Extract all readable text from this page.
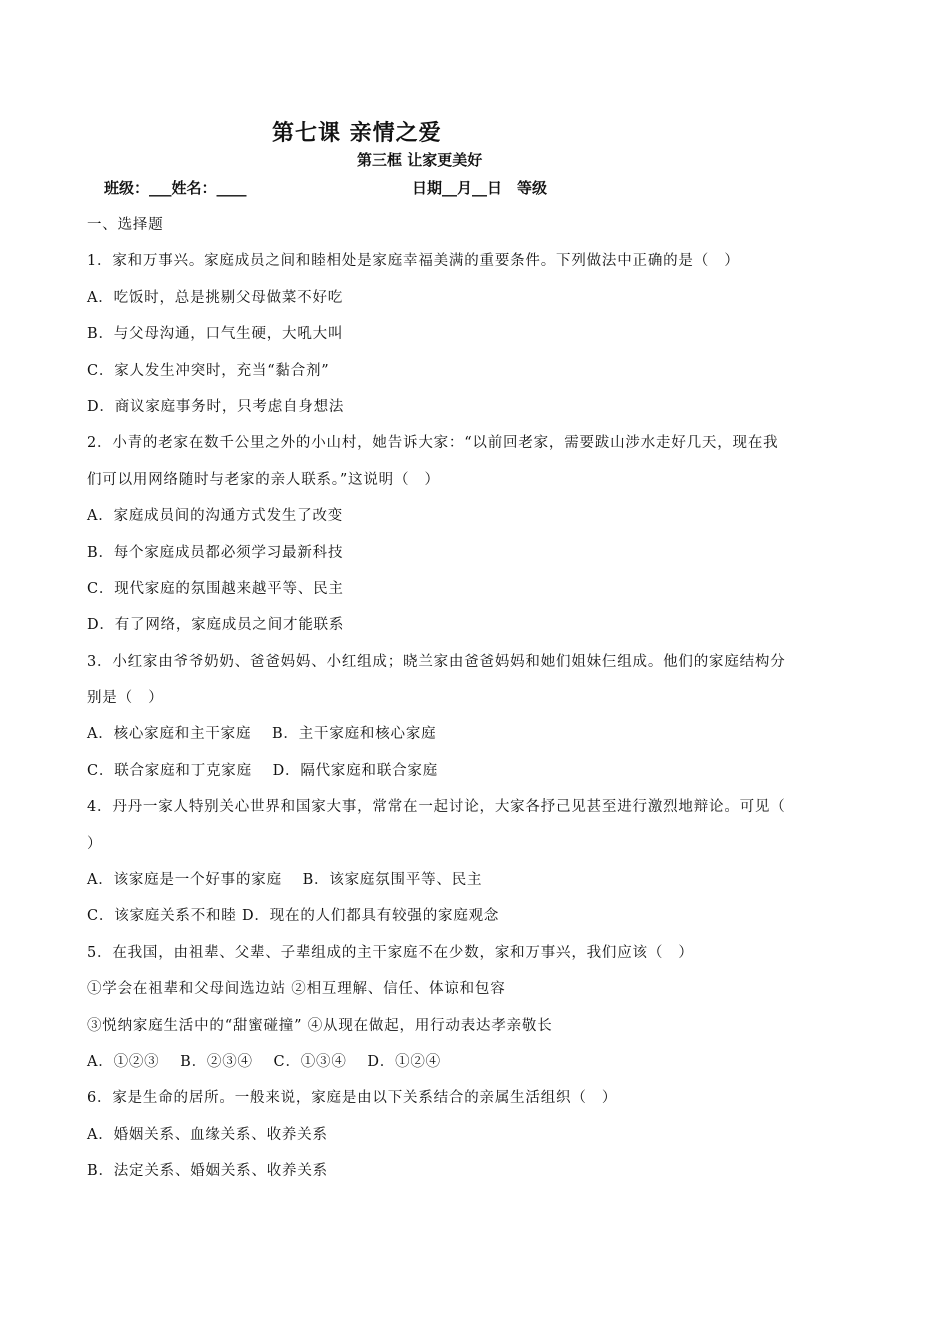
第七课 亲情之爱
第三框 让家更美好
班级：___姓名：____	日期__月__日　等级
一、选择题
1．家和万事兴。家庭成员之间和睦相处是家庭幸福美满的重要条件。下列做法中正确的是（　）
A．吃饭时，总是挑剔父母做菜不好吃
B．与父母沟通，口气生硬，大吼大叫
C．家人发生冲突时，充当“黏合剂”
D．商议家庭事务时，只考虑自身想法
2．小青的老家在数千公里之外的小山村，她告诉大家：“以前回老家，需要跋山涉水走好几天，现在我
们可以用网络随时与老家的亲人联系。”这说明（　）
A．家庭成员间的沟通方式发生了改变
B．每个家庭成员都必须学习最新科技
C．现代家庭的氛围越来越平等、民主
D．有了网络，家庭成员之间才能联系
3．小红家由爷爷奶奶、爸爸妈妈、小红组成；晓兰家由爸爸妈妈和她们姐妹仨组成。他们的家庭结构分
别是（　）
A．核心家庭和主干家庭　 B．主干家庭和核心家庭
C．联合家庭和丁克家庭　 D．隔代家庭和联合家庭
4．丹丹一家人特别关心世界和国家大事，常常在一起讨论，大家各抒己见甚至进行激烈地辩论。可见（
）
A．该家庭是一个好事的家庭　 B．该家庭氛围平等、民主
C．该家庭关系不和睦 D．现在的人们都具有较强的家庭观念
5．在我国，由祖辈、父辈、子辈组成的主干家庭不在少数，家和万事兴，我们应该（　）
①学会在祖辈和父母间选边站 ②相互理解、信任、体谅和包容
③悦纳家庭生活中的“甜蜜碰撞” ④从现在做起，用行动表达孝亲敬长
A．①②③　 B．②③④　 C．①③④　 D．①②④
6．家是生命的居所。一般来说，家庭是由以下关系结合的亲属生活组织（　）
A．婚姻关系、血缘关系、收养关系
B．法定关系、婚姻关系、收养关系
